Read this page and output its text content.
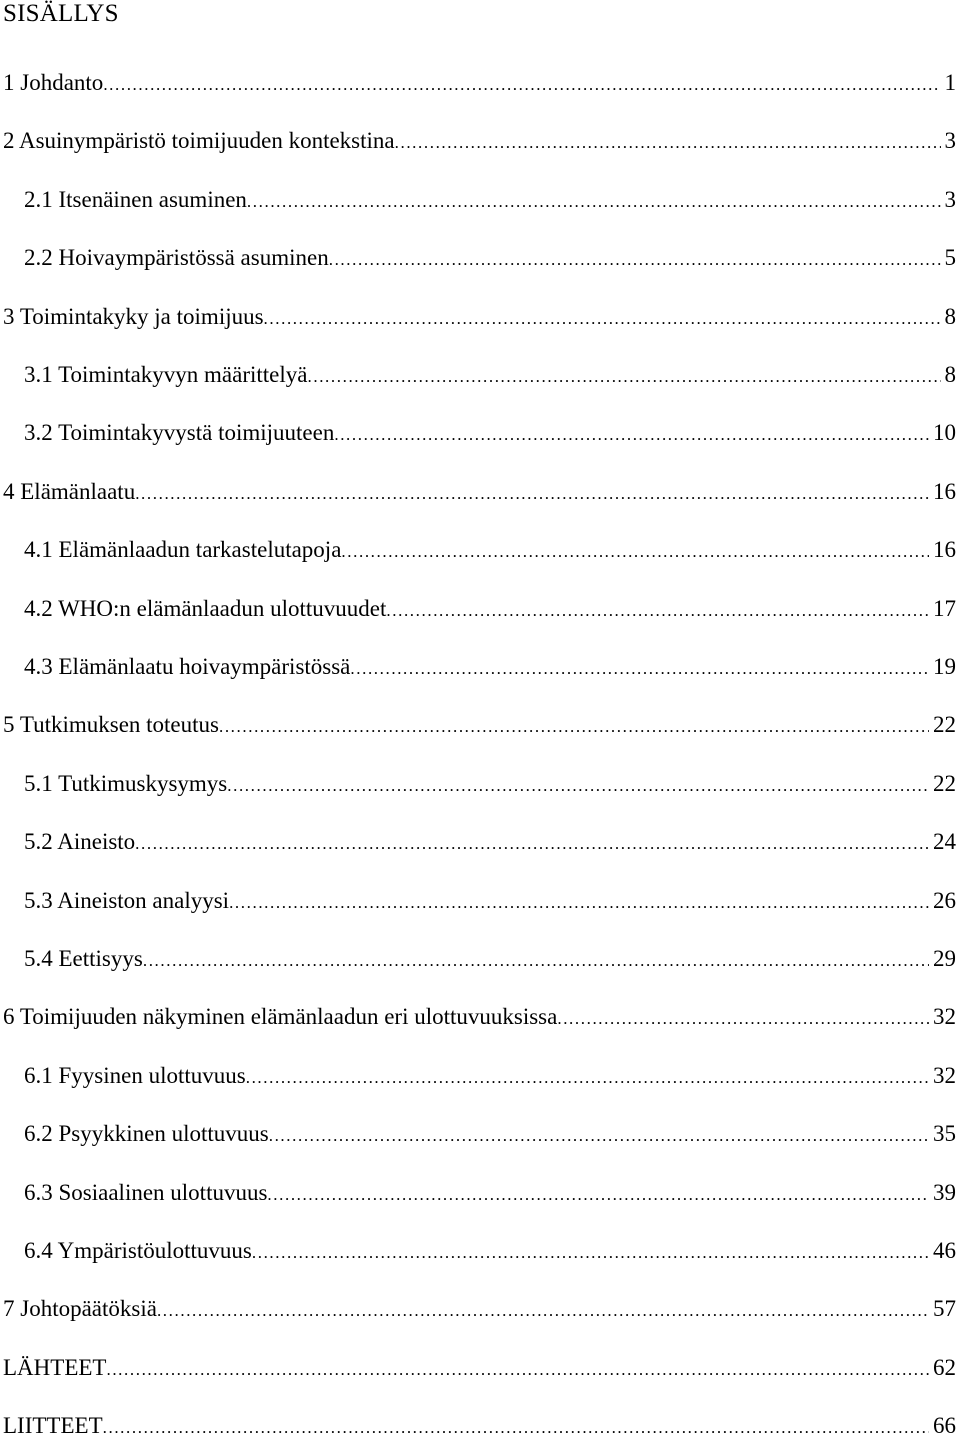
SISÄLLYS
1 Johdanto .....	1
2 Asuinympäristö toimijuuden kontekstina .....	3
2.1 Itsenäinen asuminen .....	3
2.2 Hoivaympäristössä asuminen .....	5
3 Toimintakyky ja toimijuus .....	8
3.1 Toimintakyvyn määrittelyä .....	8
3.2 Toimintakyvystä toimijuuteen .....	10
4 Elämänlaatu .....	16
4.1 Elämänlaadun tarkastelutapoja .....	16
4.2 WHO:n elämänlaadun ulottuvuudet .....	17
4.3 Elämänlaatu hoivaympäristössä .....	19
5 Tutkimuksen toteutus .....	22
5.1 Tutkimuskysymys .....	22
5.2 Aineisto .....	24
5.3 Aineiston analyysi .....	26
5.4 Eettisyys .....	29
6 Toimijuuden näkyminen elämänlaadun eri ulottuvuuksissa .....	32
6.1 Fyysinen ulottuvuus .....	32
6.2 Psyykkinen ulottuvuus .....	35
6.3 Sosiaalinen ulottuvuus .....	39
6.4 Ympäristöulottuvuus .....	46
7 Johtopäätöksiä .....	57
LÄHTEET .....	62
LIITTEET .....	66
